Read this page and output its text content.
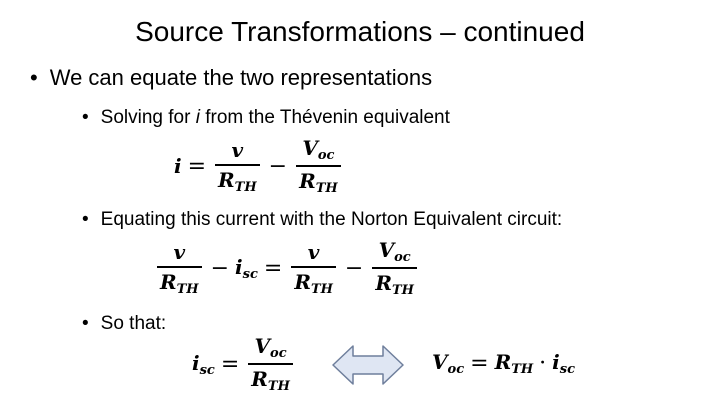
Source Transformations – continued
• We can equate the two representations
• Solving for i from the Thévenin equivalent
$i = \frac{v}{R_{TH}} - \frac{V_{oc}}{R_{TH}}$
• Equating this current with the Norton Equivalent circuit:
$\frac{v}{R_{TH}} - i_{sc} = \frac{v}{R_{TH}} - \frac{V_{oc}}{R_{TH}}$
• So that:
$i_{sc} = \frac{V_{oc}}{R_{TH}}$	$V_{oc} = R_{TH} \cdot i_{sc}$
